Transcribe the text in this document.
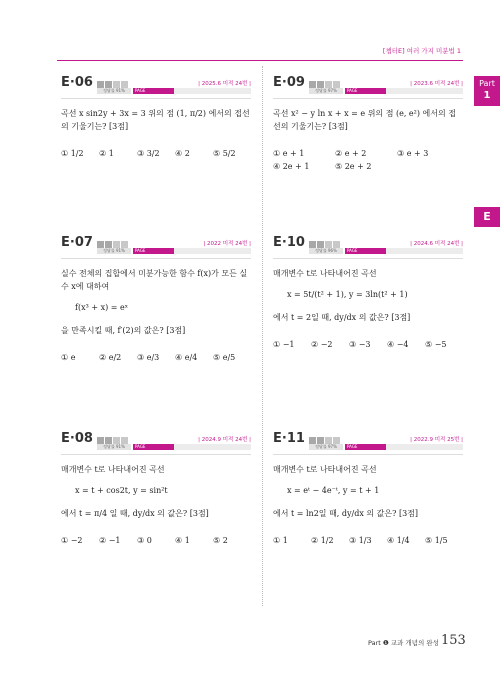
[챕터E] 여러 가지 미분법 1
Part
1
E
E·06	| 2025.6 미적 24번 |
정답률 91%	PAGE

곡선 x sin2y + 3x = 3 위의 점 (1, π/2) 에서의 접선의 기울기는? [3점]

① 1/2	② 1	③ 3/2	④ 2	⑤ 5/2
E·09	| 2023.6 미적 24번 |
정답률 97%	PAGE

곡선 x² − y ln x + x = e 위의 점 (e, e²) 에서의 접선의 기울기는? [3점]

① e + 1	② e + 2	③ e + 3
④ 2e + 1	⑤ 2e + 2
E·07	| 2022 미적 24번 |
정답률 91%	PAGE

실수 전체의 집합에서 미분가능한 함수 f(x)가 모든 실수 x에 대하여

f(x³ + x) = eˣ

을 만족시킬 때, f′(2)의 값은? [3점]

① e	② e/2	③ e/3	④ e/4	⑤ e/5
E·10	| 2024.6 미적 24번 |
정답률 96%	PAGE

매개변수 t로 나타내어진 곡선

x = 5t/(t² + 1), y = 3ln(t² + 1)

에서 t = 2일 때, dy/dx 의 값은? [3점]

① −1	② −2	③ −3	④ −4	⑤ −5
E·08	| 2024.9 미적 24번 |
정답률 91%	PAGE

매개변수 t로 나타내어진 곡선

x = t + cos2t, y = sin²t

에서 t = π/4 일 때, dy/dx 의 값은? [3점]

① −2	② −1	③ 0	④ 1	⑤ 2
E·11	| 2022.9 미적 25번 |
정답률 97%	PAGE

매개변수 t로 나타내어진 곡선

x = eᵗ − 4e⁻ᵗ, y = t + 1

에서 t = ln2일 때, dy/dx 의 값은? [3점]

① 1	② 1/2	③ 1/3	④ 1/4	⑤ 1/5
Part ❶ 교과 개념의 완성 153
